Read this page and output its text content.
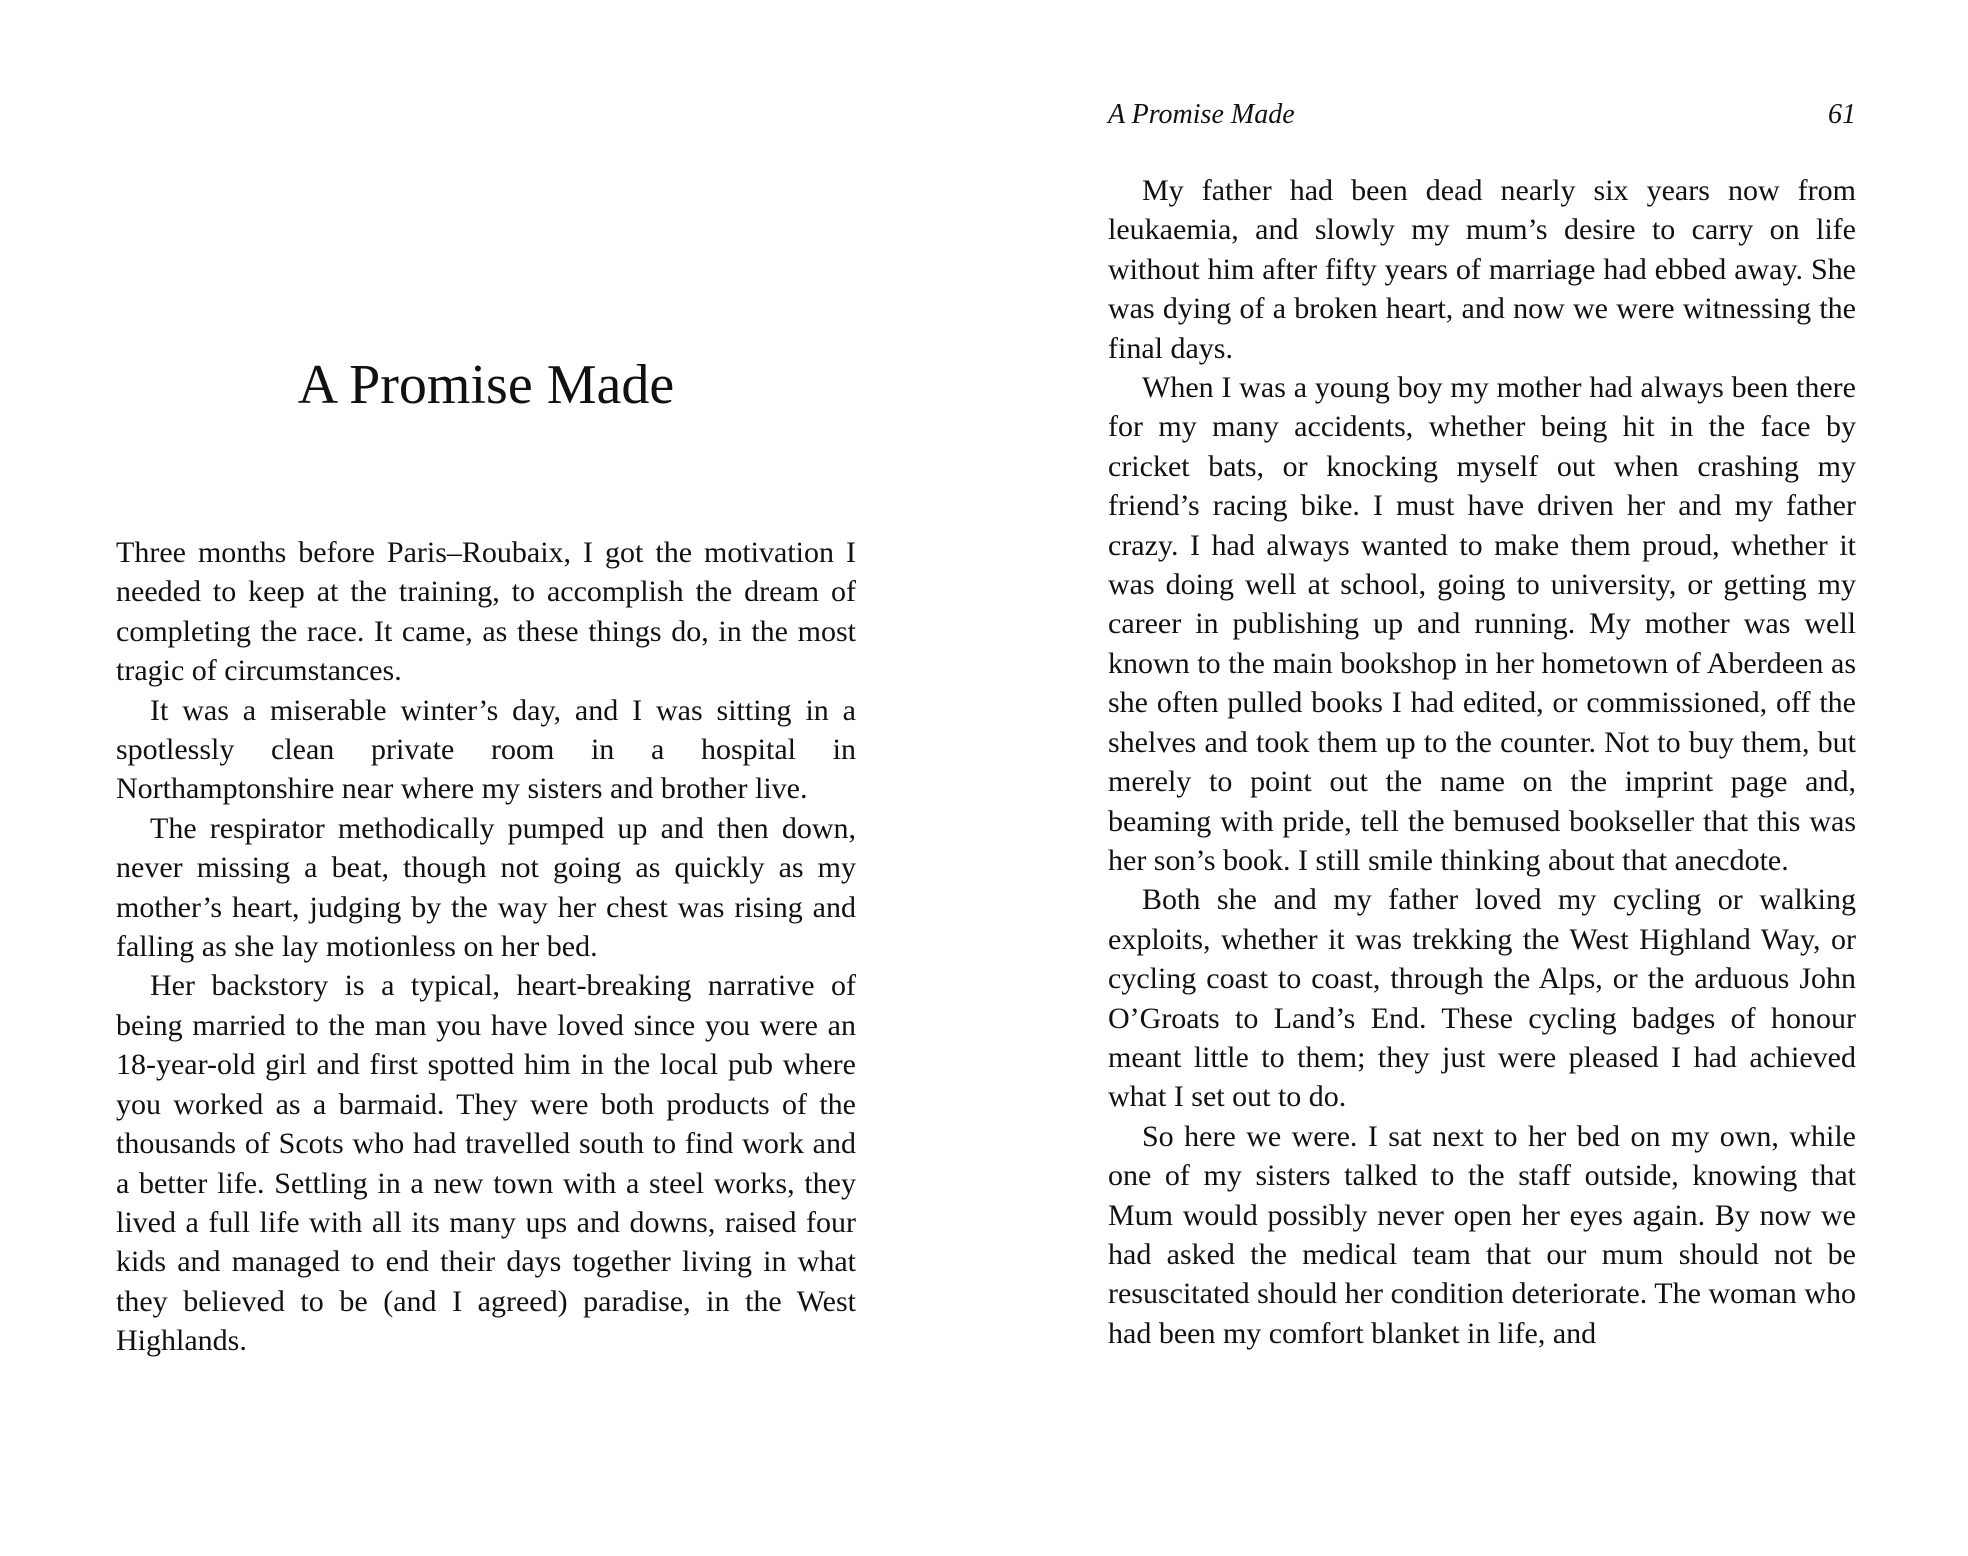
A Promise Made

Three months before Paris–Roubaix, I got the motivation I needed to keep at the training, to accomplish the dream of completing the race. It came, as these things do, in the most tragic of circumstances.

It was a miserable winter’s day, and I was sitting in a spotlessly clean private room in a hospital in Northamptonshire near where my sisters and brother live.

The respirator methodically pumped up and then down, never missing a beat, though not going as quickly as my mother’s heart, judging by the way her chest was rising and falling as she lay motionless on her bed.

Her backstory is a typical, heart-breaking narrative of being married to the man you have loved since you were an 18-year-old girl and first spotted him in the local pub where you worked as a barmaid. They were both products of the thousands of Scots who had travelled south to find work and a better life. Settling in a new town with a steel works, they lived a full life with all its many ups and downs, raised four kids and managed to end their days together living in what they believed to be (and I agreed) paradise, in the West Highlands.

A Promise Made	61

My father had been dead nearly six years now from leukaemia, and slowly my mum’s desire to carry on life without him after fifty years of marriage had ebbed away. She was dying of a broken heart, and now we were witnessing the final days.

When I was a young boy my mother had always been there for my many accidents, whether being hit in the face by cricket bats, or knocking myself out when crashing my friend’s racing bike. I must have driven her and my father crazy. I had always wanted to make them proud, whether it was doing well at school, going to university, or getting my career in publishing up and running. My mother was well known to the main bookshop in her hometown of Aberdeen as she often pulled books I had edited, or commissioned, off the shelves and took them up to the counter. Not to buy them, but merely to point out the name on the imprint page and, beaming with pride, tell the bemused bookseller that this was her son’s book. I still smile thinking about that anecdote.

Both she and my father loved my cycling or walking exploits, whether it was trekking the West Highland Way, or cycling coast to coast, through the Alps, or the arduous John O’Groats to Land’s End. These cycling badges of honour meant little to them; they just were pleased I had achieved what I set out to do.

So here we were. I sat next to her bed on my own, while one of my sisters talked to the staff outside, knowing that Mum would possibly never open her eyes again. By now we had asked the medical team that our mum should not be resuscitated should her condition deteriorate. The woman who had been my comfort blanket in life, and
